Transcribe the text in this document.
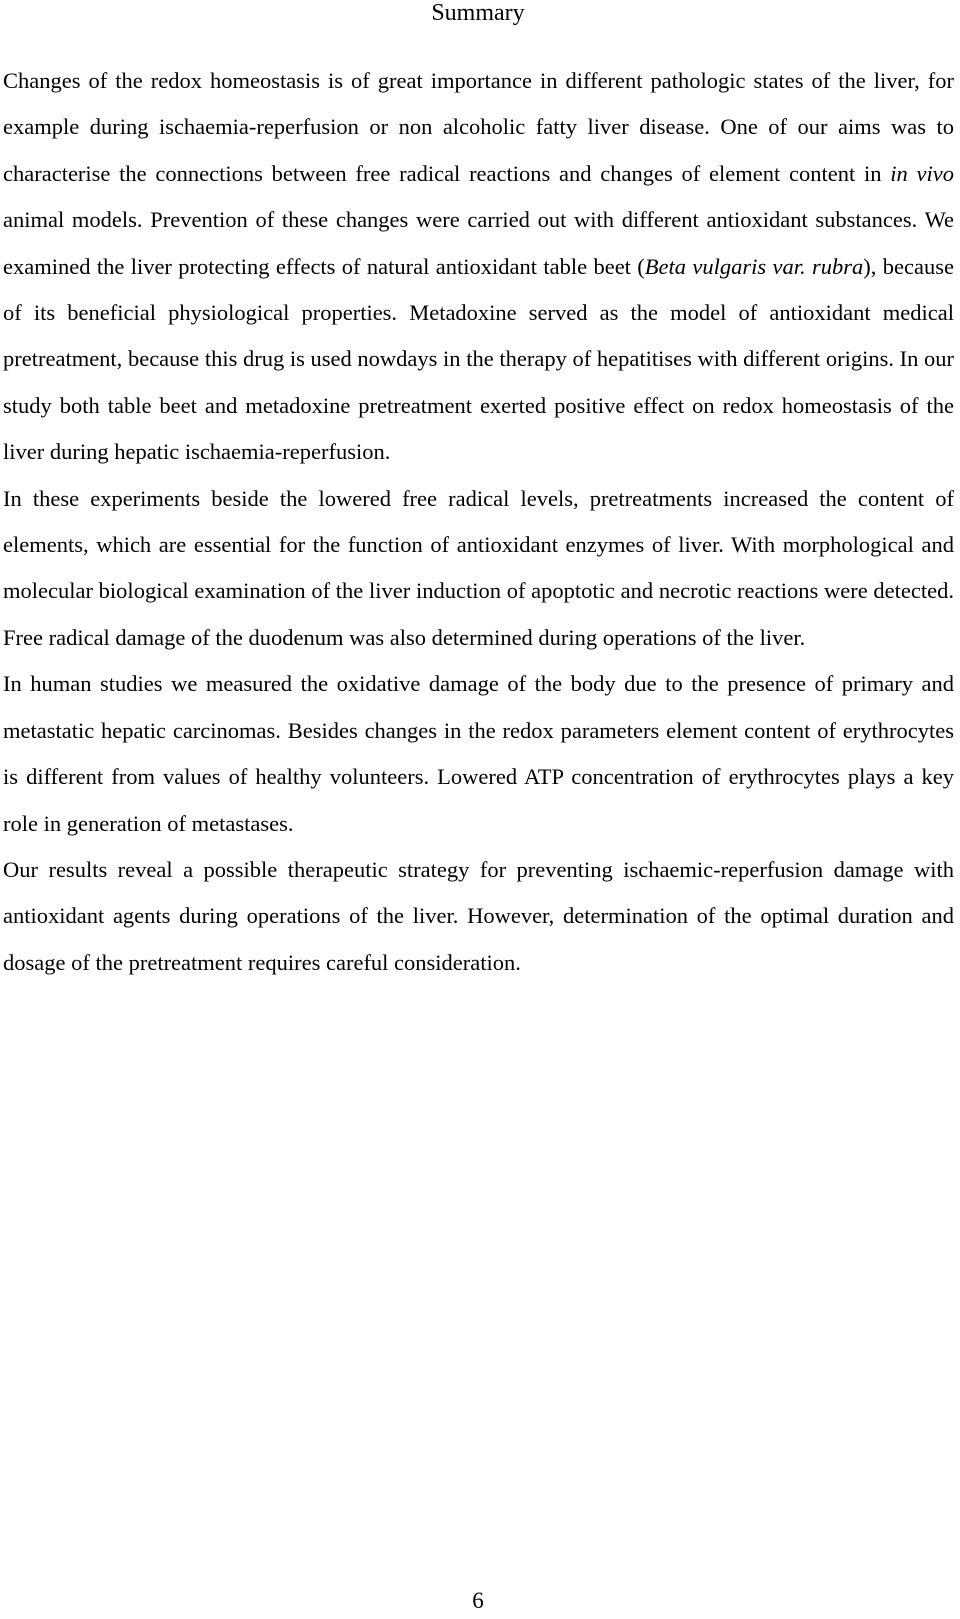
Summary

Changes of the redox homeostasis is of great importance in different pathologic states of the liver, for example during ischaemia-reperfusion or non alcoholic fatty liver disease. One of our aims was to characterise the connections between free radical reactions and changes of element content in in vivo animal models. Prevention of these changes were carried out with different antioxidant substances. We examined the liver protecting effects of natural antioxidant table beet (Beta vulgaris var. rubra), because of its beneficial physiological properties. Metadoxine served as the model of antioxidant medical pretreatment, because this drug is used nowdays in the therapy of hepatitises with different origins. In our study both table beet and metadoxine pretreatment exerted positive effect on redox homeostasis of the liver during hepatic ischaemia-reperfusion.

In these experiments beside the lowered free radical levels, pretreatments increased the content of elements, which are essential for the function of antioxidant enzymes of liver. With morphological and molecular biological examination of the liver induction of apoptotic and necrotic reactions were detected. Free radical damage of the duodenum was also determined during operations of the liver.

In human studies we measured the oxidative damage of the body due to the presence of primary and metastatic hepatic carcinomas. Besides changes in the redox parameters element content of erythrocytes is different from values of healthy volunteers. Lowered ATP concentration of erythrocytes plays a key role in generation of metastases.

Our results reveal a possible therapeutic strategy for preventing ischaemic-reperfusion damage with antioxidant agents during operations of the liver. However, determination of the optimal duration and dosage of the pretreatment requires careful consideration.

6
